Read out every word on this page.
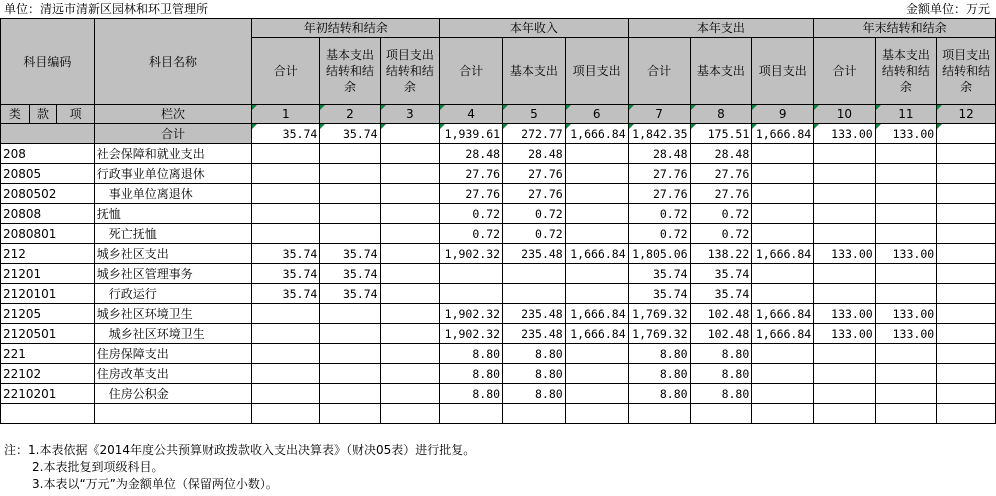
单位：清远市清新区园林和环卫管理所	金额单位：万元
科目编码			科目名称	年初结转和结余			本年收入			本年支出			年末结转和结余		
				合计	基本支出结转和结余	项目支出结转和结余	合计	基本支出	项目支出	合计	基本支出	项目支出	合计	基本支出结转和结余	项目支出结转和结余
类	款	项	栏次	1	2	3	4	5	6	7	8	9	10	11	12
			合计	35.74	35.74		1,939.61	272.77	1,666.84	1,842.35	175.51	1,666.84	133.00	133.00	
208			社会保障和就业支出				28.48	28.48		28.48	28.48				
20805			行政事业单位离退休				27.76	27.76		27.76	27.76				
2080502			事业单位离退休				27.76	27.76		27.76	27.76				
20808			抚恤				0.72	0.72		0.72	0.72				
2080801			死亡抚恤				0.72	0.72		0.72	0.72				
212			城乡社区支出	35.74	35.74		1,902.32	235.48	1,666.84	1,805.06	138.22	1,666.84	133.00	133.00	
21201			城乡社区管理事务	35.74	35.74					35.74	35.74				
2120101			行政运行	35.74	35.74					35.74	35.74				
21205			城乡社区环境卫生				1,902.32	235.48	1,666.84	1,769.32	102.48	1,666.84	133.00	133.00	
2120501			城乡社区环境卫生				1,902.32	235.48	1,666.84	1,769.32	102.48	1,666.84	133.00	133.00	
221			住房保障支出				8.80	8.80		8.80	8.80				
22102			住房改革支出				8.80	8.80		8.80	8.80				
2210201			住房公积金				8.80	8.80		8.80	8.80				

注：1.本表依据《2014年度公共预算财政拨款收入支出决算表》（财决05表）进行批复。
2.本表批复到项级科目。
3.本表以“万元”为金额单位（保留两位小数）。
